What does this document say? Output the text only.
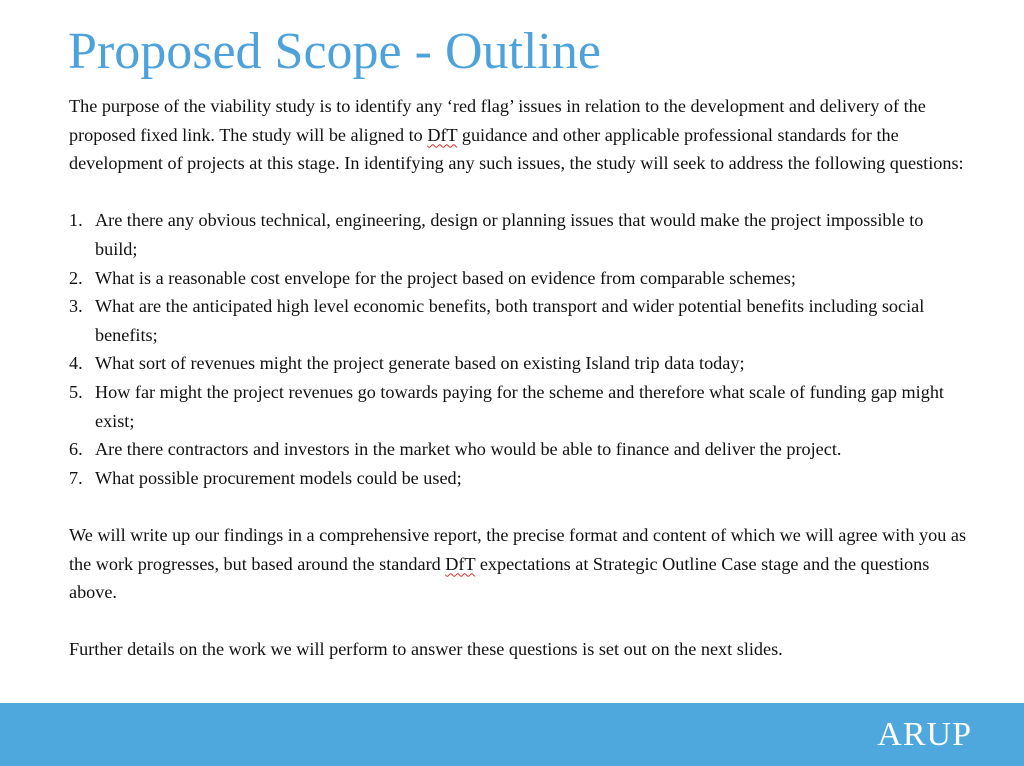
Proposed Scope - Outline

The purpose of the viability study is to identify any ‘red flag’ issues in relation to the development and delivery of the proposed fixed link. The study will be aligned to DfT guidance and other applicable professional standards for the development of projects at this stage. In identifying any such issues, the study will seek to address the following questions:

1. Are there any obvious technical, engineering, design or planning issues that would make the project impossible to build;
2. What is a reasonable cost envelope for the project based on evidence from comparable schemes;
3. What are the anticipated high level economic benefits, both transport and wider potential benefits including social benefits;
4. What sort of revenues might the project generate based on existing Island trip data today;
5. How far might the project revenues go towards paying for the scheme and therefore what scale of funding gap might exist;
6. Are there contractors and investors in the market who would be able to finance and deliver the project.
7. What possible procurement models could be used;

We will write up our findings in a comprehensive report, the precise format and content of which we will agree with you as the work progresses, but based around the standard DfT expectations at Strategic Outline Case stage and the questions above.

Further details on the work we will perform to answer these questions is set out on the next slides.

ARUP
